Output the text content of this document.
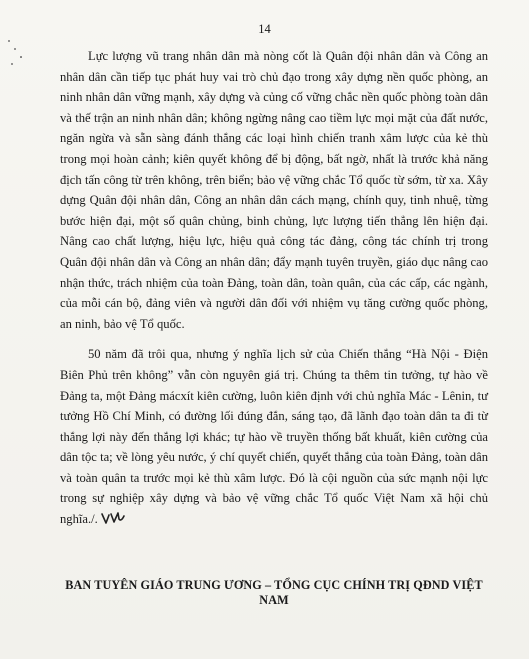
14

Lực lượng vũ trang nhân dân mà nòng cốt là Quân đội nhân dân và Công an nhân dân cần tiếp tục phát huy vai trò chủ đạo trong xây dựng nền quốc phòng, an ninh nhân dân vững mạnh, xây dựng và củng cố vững chắc nền quốc phòng toàn dân và thế trận an ninh nhân dân; không ngừng nâng cao tiềm lực mọi mặt của đất nước, ngăn ngừa và sẵn sàng đánh thắng các loại hình chiến tranh xâm lược của kẻ thù trong mọi hoàn cảnh; kiên quyết không để bị động, bất ngờ, nhất là trước khả năng địch tấn công từ trên không, trên biển; bảo vệ vững chắc Tổ quốc từ sớm, từ xa. Xây dựng Quân đội nhân dân, Công an nhân dân cách mạng, chính quy, tinh nhuệ, từng bước hiện đại, một số quân chủng, binh chủng, lực lượng tiến thẳng lên hiện đại. Nâng cao chất lượng, hiệu lực, hiệu quả công tác đảng, công tác chính trị trong Quân đội nhân dân và Công an nhân dân; đẩy mạnh tuyên truyền, giáo dục nâng cao nhận thức, trách nhiệm của toàn Đảng, toàn dân, toàn quân, của các cấp, các ngành, của mỗi cán bộ, đảng viên và người dân đối với nhiệm vụ tăng cường quốc phòng, an ninh, bảo vệ Tổ quốc.

50 năm đã trôi qua, nhưng ý nghĩa lịch sử của Chiến thắng “Hà Nội - Điện Biên Phủ trên không” vẫn còn nguyên giá trị. Chúng ta thêm tin tưởng, tự hào về Đảng ta, một Đảng mácxít kiên cường, luôn kiên định với chủ nghĩa Mác - Lênin, tư tưởng Hồ Chí Minh, có đường lối đúng đắn, sáng tạo, đã lãnh đạo toàn dân ta đi từ thắng lợi này đến thắng lợi khác; tự hào về truyền thống bất khuất, kiên cường của dân tộc ta; về lòng yêu nước, ý chí quyết chiến, quyết thắng của toàn Đảng, toàn dân và toàn quân ta trước mọi kẻ thù xâm lược. Đó là cội nguồn của sức mạnh nội lực trong sự nghiệp xây dựng và bảo vệ vững chắc Tổ quốc Việt Nam xã hội chủ nghĩa./.

BAN TUYÊN GIÁO TRUNG ƯƠNG – TỔNG CỤC CHÍNH TRỊ QĐND VIỆT NAM
